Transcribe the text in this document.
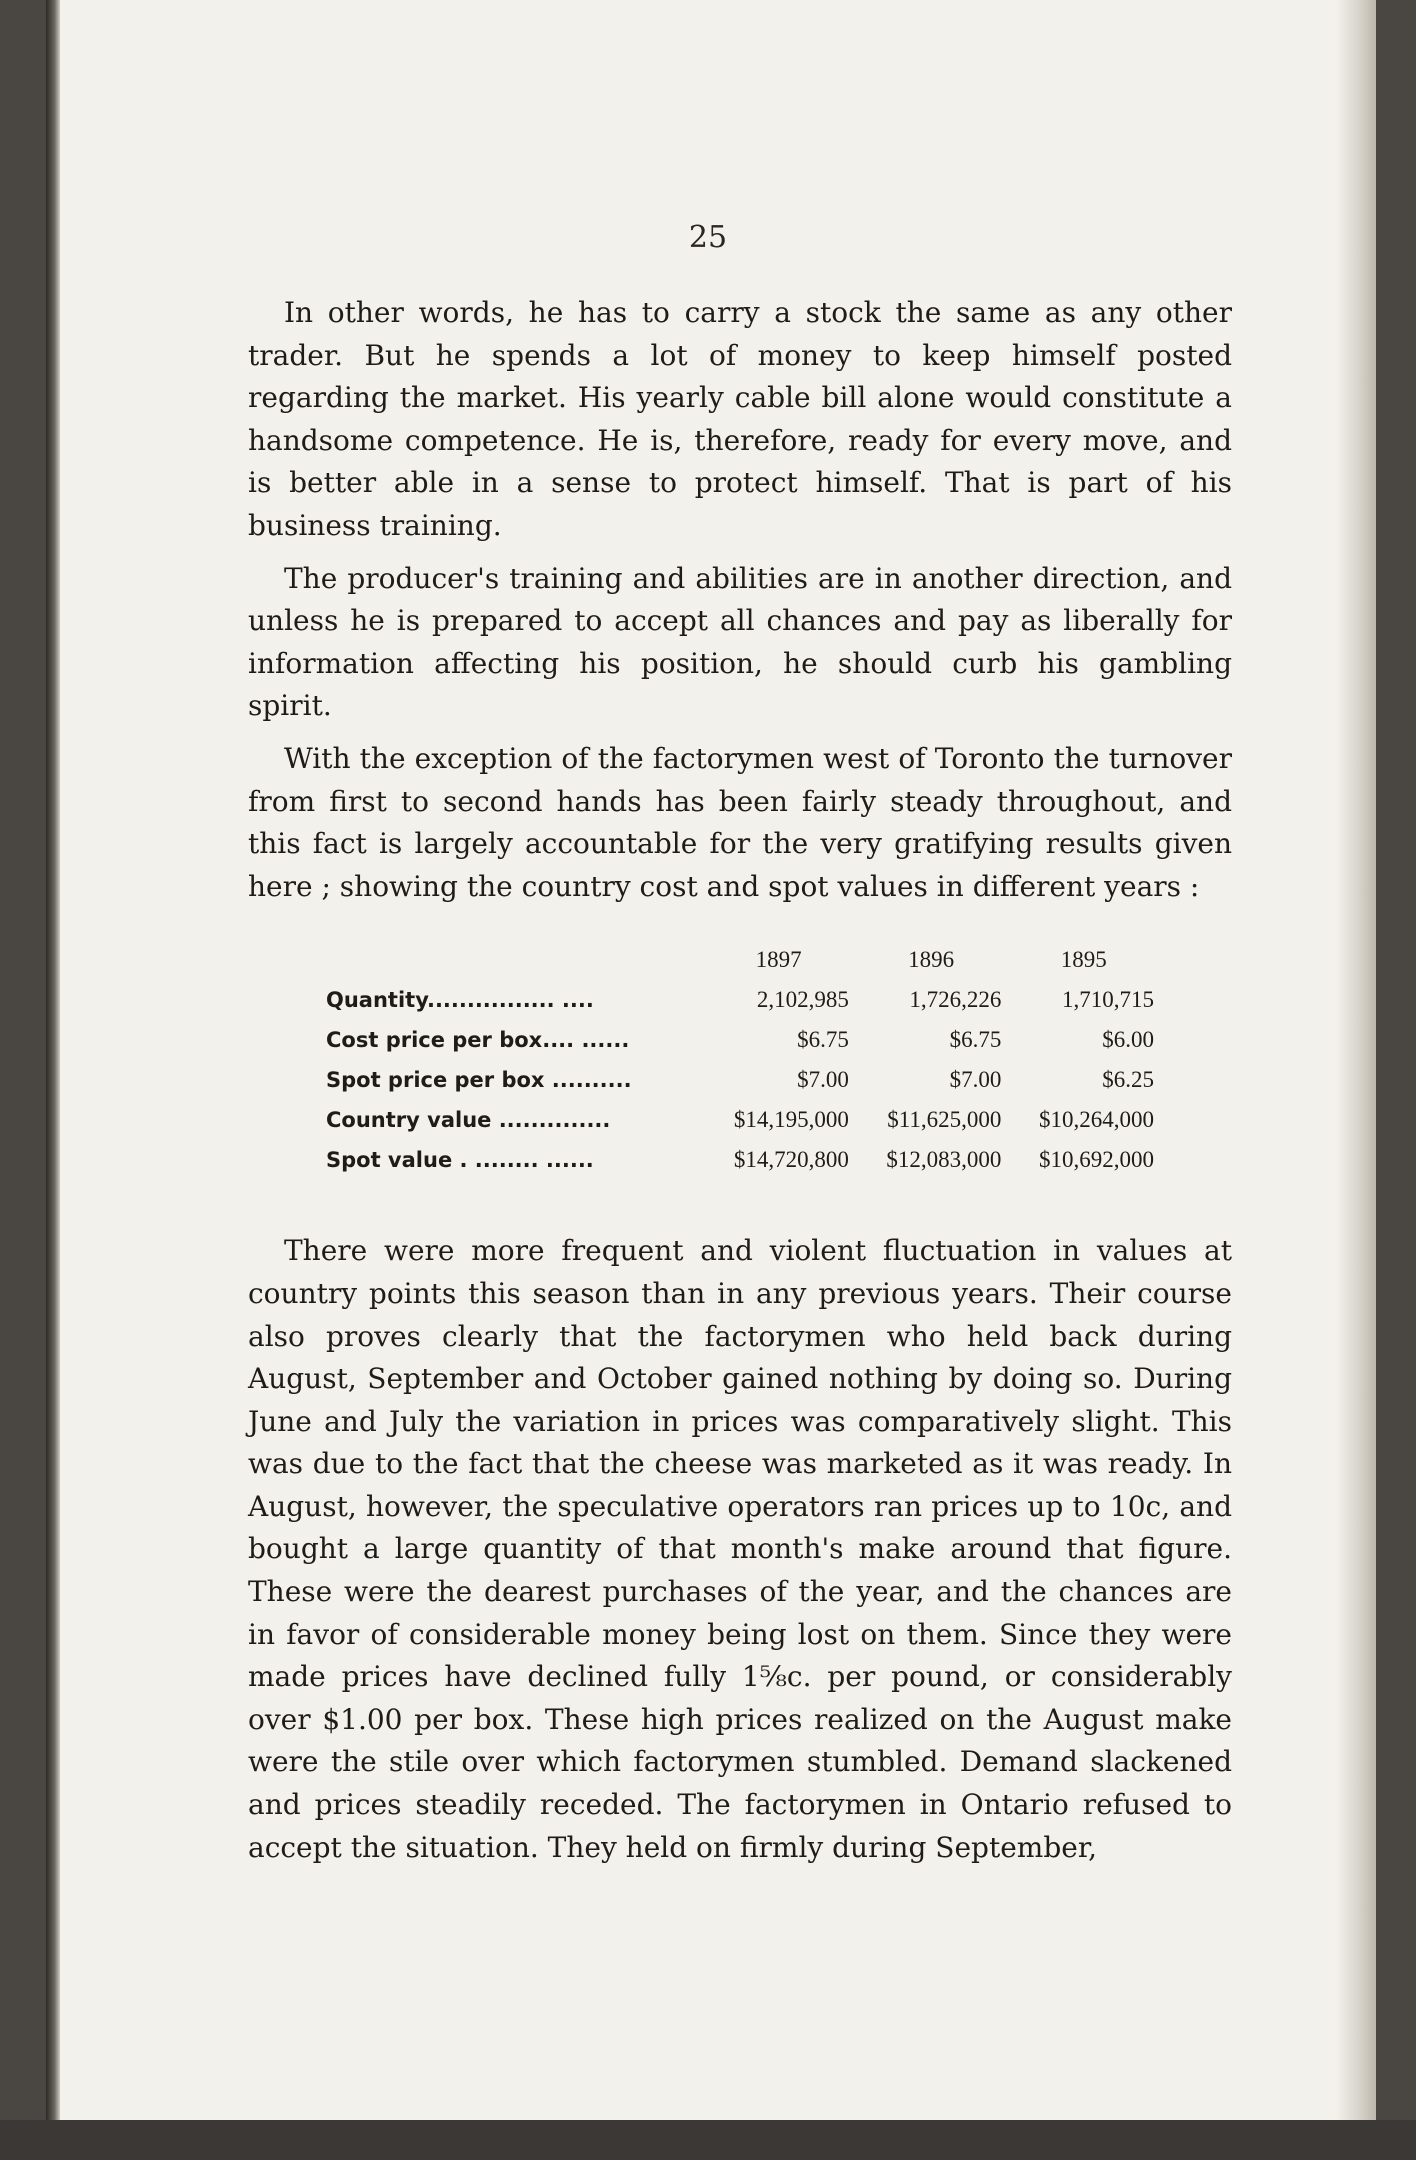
25

In other words, he has to carry a stock the same as any other trader. But he spends a lot of money to keep himself posted regarding the market. His yearly cable bill alone would constitute a handsome competence. He is, therefore, ready for every move, and is better able in a sense to protect himself. That is part of his business training.

The producer's training and abilities are in another direction, and unless he is prepared to accept all chances and pay as liberally for information affecting his position, he should curb his gambling spirit.

With the exception of the factorymen west of Toronto the turnover from first to second hands has been fairly steady throughout, and this fact is largely accountable for the very gratifying results given here ; showing the country cost and spot values in different years :

	1897	1896	1895
Quantity................ ....	2,102,985	1,726,226	1,710,715
Cost price per box.... ......	$6.75	$6.75	$6.00
Spot price per box ..........	$7.00	$7.00	$6.25
Country value ..............	$14,195,000	$11,625,000	$10,264,000
Spot value . ........ ......	$14,720,800	$12,083,000	$10,692,000

There were more frequent and violent fluctuation in values at country points this season than in any previous years. Their course also proves clearly that the factorymen who held back during August, September and October gained nothing by doing so. During June and July the variation in prices was comparatively slight. This was due to the fact that the cheese was marketed as it was ready. In August, however, the speculative operators ran prices up to 10c, and bought a large quantity of that month's make around that figure. These were the dearest purchases of the year, and the chances are in favor of considerable money being lost on them. Since they were made prices have declined fully 1⅝c. per pound, or considerably over $1.00 per box. These high prices realized on the August make were the stile over which factorymen stumbled. Demand slackened and prices steadily receded. The factorymen in Ontario refused to accept the situation. They held on firmly during September,
